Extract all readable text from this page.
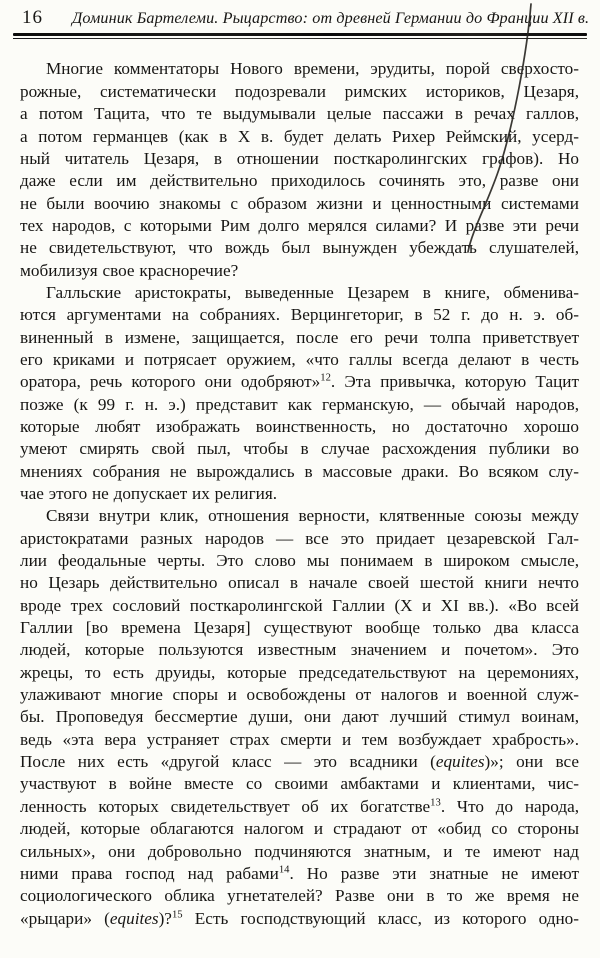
16	Доминик Бартелеми. Рыцарство: от древней Германии до Франции XII в.
Многие комментаторы Нового времени, эрудиты, порой сверхосто-
рожные, систематически подозревали римских историков, Цезаря,
а потом Тацита, что те выдумывали целые пассажи в речах галлов,
а потом германцев (как в X в. будет делать Рихер Реймский, усерд-
ный читатель Цезаря, в отношении посткаролингских графов). Но
даже если им действительно приходилось сочинять это, разве они
не были воочию знакомы с образом жизни и ценностными системами
тех народов, с которыми Рим долго мерялся силами? И разве эти речи
не свидетельствуют, что вождь был вынужден убеждать слушателей,
мобилизуя свое красноречие?
Галльские аристократы, выведенные Цезарем в книге, обменива-
ются аргументами на собраниях. Верцингеториг, в 52 г. до н. э. об-
виненный в измене, защищается, после его речи толпа приветствует
его криками и потрясает оружием, «что галлы всегда делают в честь
оратора, речь которого они одобряют»$^{12}$. Эта привычка, которую Тацит
позже (к 99 г. н. э.) представит как германскую, — обычай народов,
которые любят изображать воинственность, но достаточно хорошо
умеют смирять свой пыл, чтобы в случае расхождения публики во
мнениях собрания не вырождались в массовые драки. Во всяком слу-
чае этого не допускает их религия.
Связи внутри клик, отношения верности, клятвенные союзы между
аристократами разных народов — все это придает цезаревской Гал-
лии феодальные черты. Это слово мы понимаем в широком смысле,
но Цезарь действительно описал в начале своей шестой книги нечто
вроде трех сословий посткаролингской Галлии (X и XI вв.). «Во всей
Галлии [во времена Цезаря] существуют вообще только два класса
людей, которые пользуются известным значением и почетом». Это
жрецы, то есть друиды, которые председательствуют на церемониях,
улаживают многие споры и освобождены от налогов и военной служ-
бы. Проповедуя бессмертие души, они дают лучший стимул воинам,
ведь «эта вера устраняет страх смерти и тем возбуждает храбрость».
После них есть «другой класс — это всадники (equites)»; они все
участвуют в войне вместе со своими амбактами и клиентами, чис-
ленность которых свидетельствует об их богатстве$^{13}$. Что до народа,
людей, которые облагаются налогом и страдают от «обид со стороны
сильных», они добровольно подчиняются знатным, и те имеют над
ними права господ над рабами$^{14}$. Но разве эти знатные не имеют
социологического облика угнетателей? Разве они в то же время не
«рыцари» (equites)?$^{15}$ Есть господствующий класс, из которого одно-
